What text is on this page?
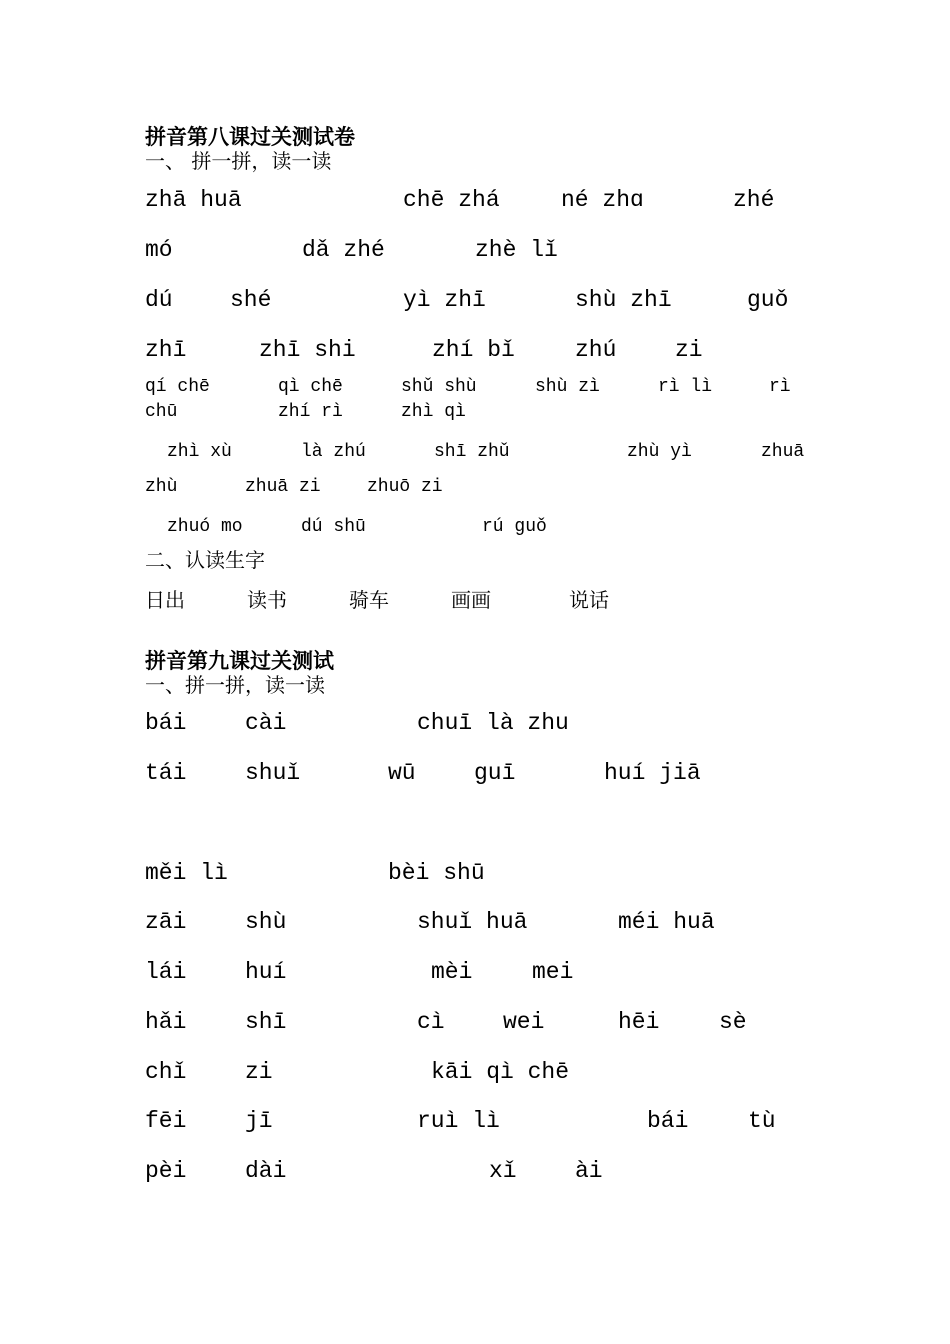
拼音第八课过关测试卷
一、 拼一拼，读一读
zhā huā	chē zhá	né zhɑ	zhé
mó	dǎ zhé	zhè lǐ
dú shé	yì zhī	shù zhī	guǒ
zhī	zhī shi	zhí bǐ	zhú	zi
qí chē	qì chē	shǔ shù	shù zì	rì lì	rì
chū	zhí rì	zhì qì
zhì xù	là zhú	shī zhǔ	zhù yì	zhuā
zhù	zhuā zi	zhuō zi
zhuó mo	dú shū	rú guǒ
二、认读生字
日出	读书	骑车	画画	说话
拼音第九课过关测试
一、拼一拼，读一读
bái	cài	chuī là zhu
tái	shuǐ	wū	guī	huí jiā
měi lì	bèi shū
zāi	shù	shuǐ huā	méi huā
lái	huí	mèi	mei
hǎi	shī	cì	wei	hēi	sè
chǐ	zi	kāi qì chē
fēi	jī	ruì lì	bái	tù
pèi	dài	xǐ	ài
